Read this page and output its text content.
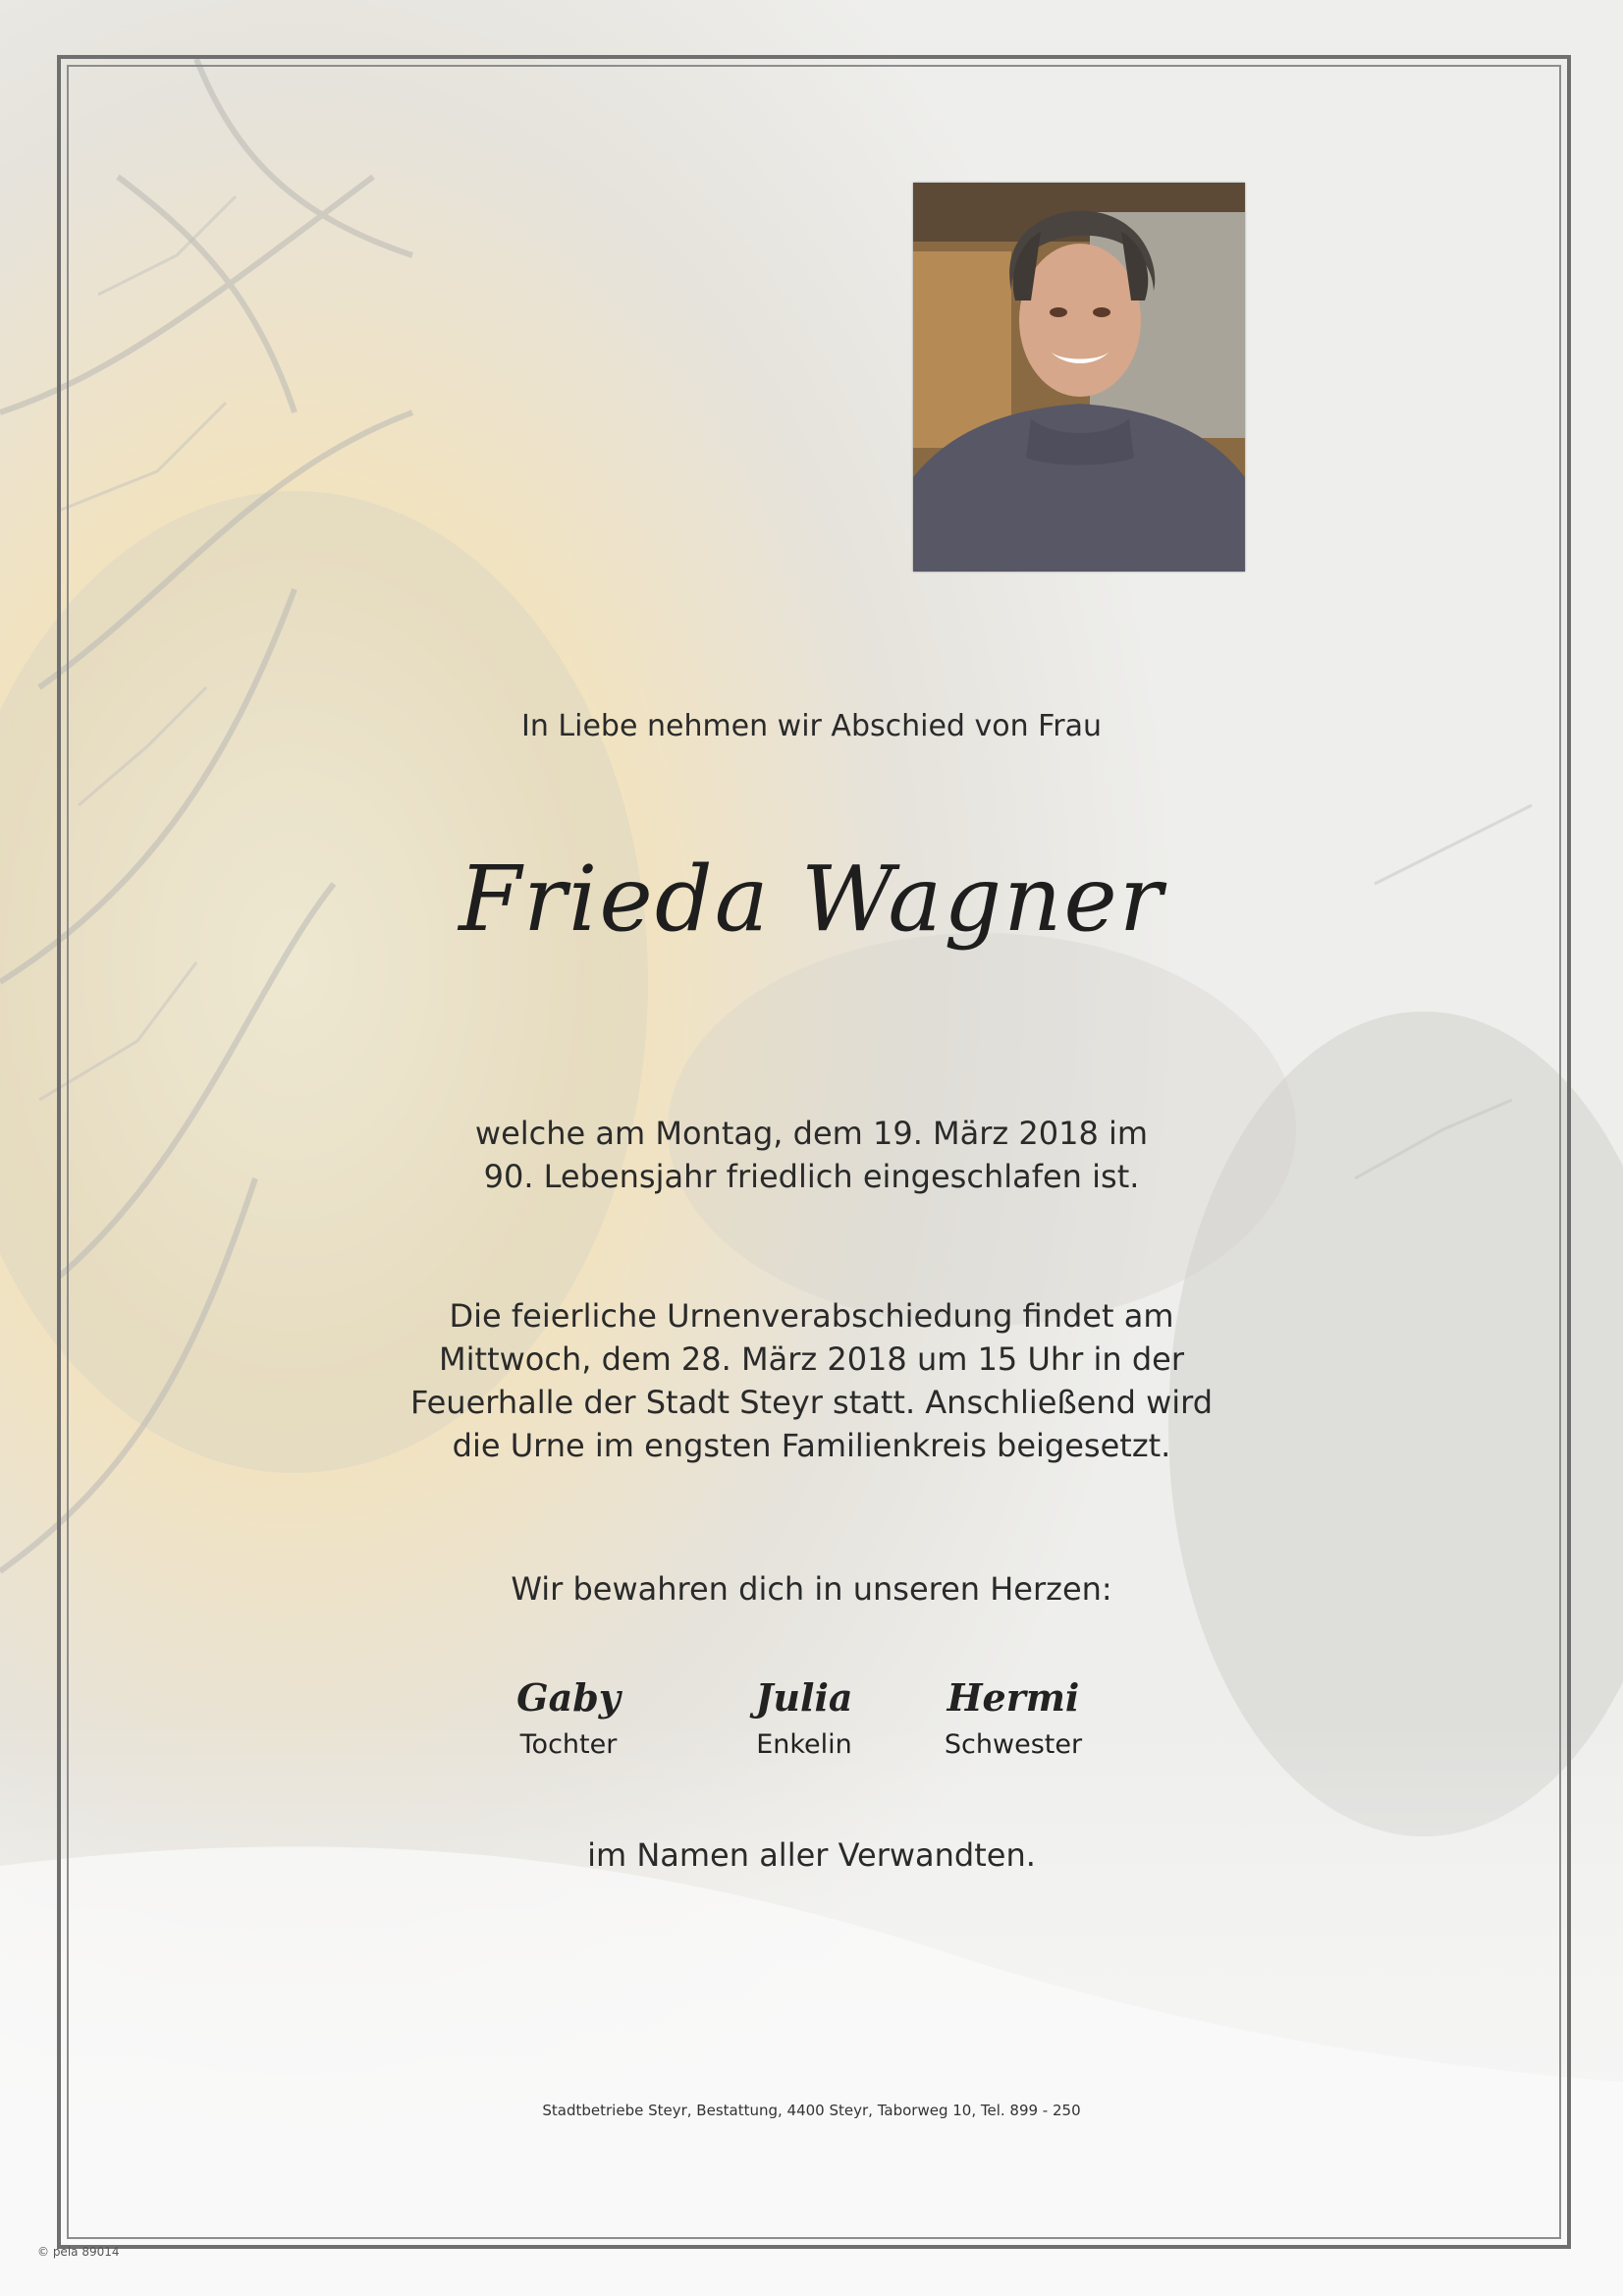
In Liebe nehmen wir Abschied von Frau
Frieda Wagner
welche am Montag, dem 19. März 2018 im
90. Lebensjahr friedlich eingeschlafen ist.
Die feierliche Urnenverabschiedung findet am
Mittwoch, dem 28. März 2018 um 15 Uhr in der
Feuerhalle der Stadt Steyr statt. Anschließend wird
die Urne im engsten Familienkreis beigesetzt.
Wir bewahren dich in unseren Herzen:
Gaby
Tochter
Julia
Enkelin
Hermi
Schwester
im Namen aller Verwandten.
Stadtbetriebe Steyr, Bestattung, 4400 Steyr, Taborweg 10, Tel. 899 - 250
© pela 89014
